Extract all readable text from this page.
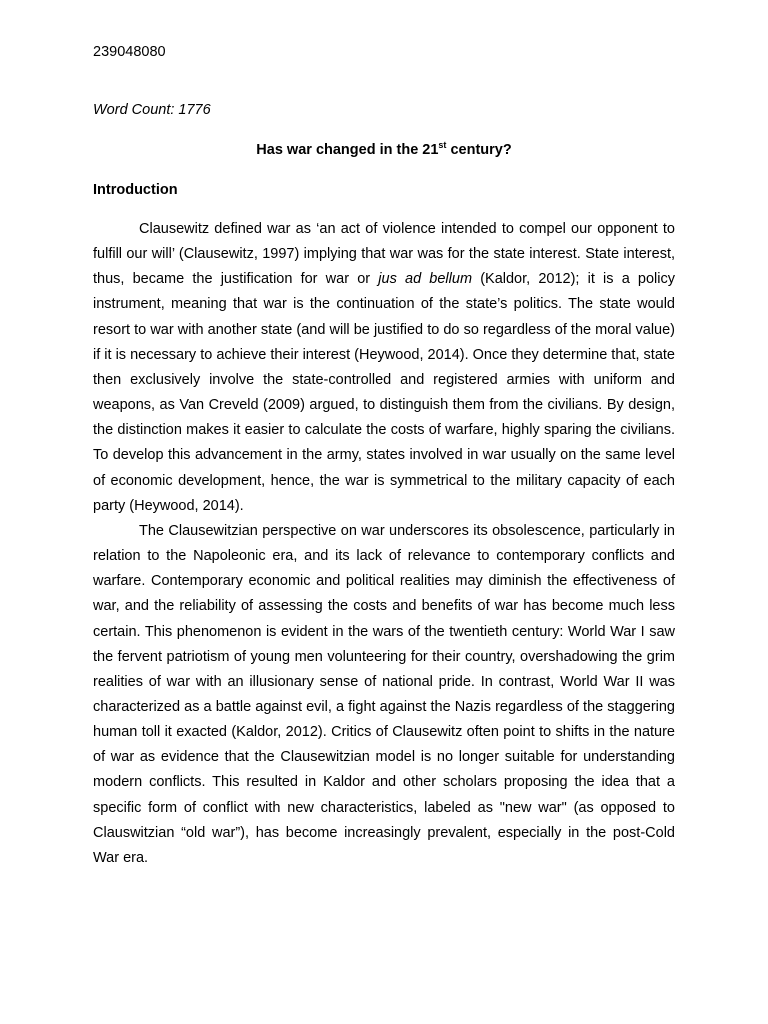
239048080
Word Count: 1776
Has war changed in the 21st century?
Introduction

Clausewitz defined war as ‘an act of violence intended to compel our opponent to fulfill our will’ (Clausewitz, 1997) implying that war was for the state interest. State interest, thus, became the justification for war or jus ad bellum (Kaldor, 2012); it is a policy instrument, meaning that war is the continuation of the state’s politics. The state would resort to war with another state (and will be justified to do so regardless of the moral value) if it is necessary to achieve their interest (Heywood, 2014). Once they determine that, state then exclusively involve the state-controlled and registered armies with uniform and weapons, as Van Creveld (2009) argued, to distinguish them from the civilians. By design, the distinction makes it easier to calculate the costs of warfare, highly sparing the civilians. To develop this advancement in the army, states involved in war usually on the same level of economic development, hence, the war is symmetrical to the military capacity of each party (Heywood, 2014).

The Clausewitzian perspective on war underscores its obsolescence, particularly in relation to the Napoleonic era, and its lack of relevance to contemporary conflicts and warfare. Contemporary economic and political realities may diminish the effectiveness of war, and the reliability of assessing the costs and benefits of war has become much less certain. This phenomenon is evident in the wars of the twentieth century: World War I saw the fervent patriotism of young men volunteering for their country, overshadowing the grim realities of war with an illusionary sense of national pride. In contrast, World War II was characterized as a battle against evil, a fight against the Nazis regardless of the staggering human toll it exacted (Kaldor, 2012). Critics of Clausewitz often point to shifts in the nature of war as evidence that the Clausewitzian model is no longer suitable for understanding modern conflicts. This resulted in Kaldor and other scholars proposing the idea that a specific form of conflict with new characteristics, labeled as "new war" (as opposed to Clauswitzian “old war”), has become increasingly prevalent, especially in the post-Cold War era.
